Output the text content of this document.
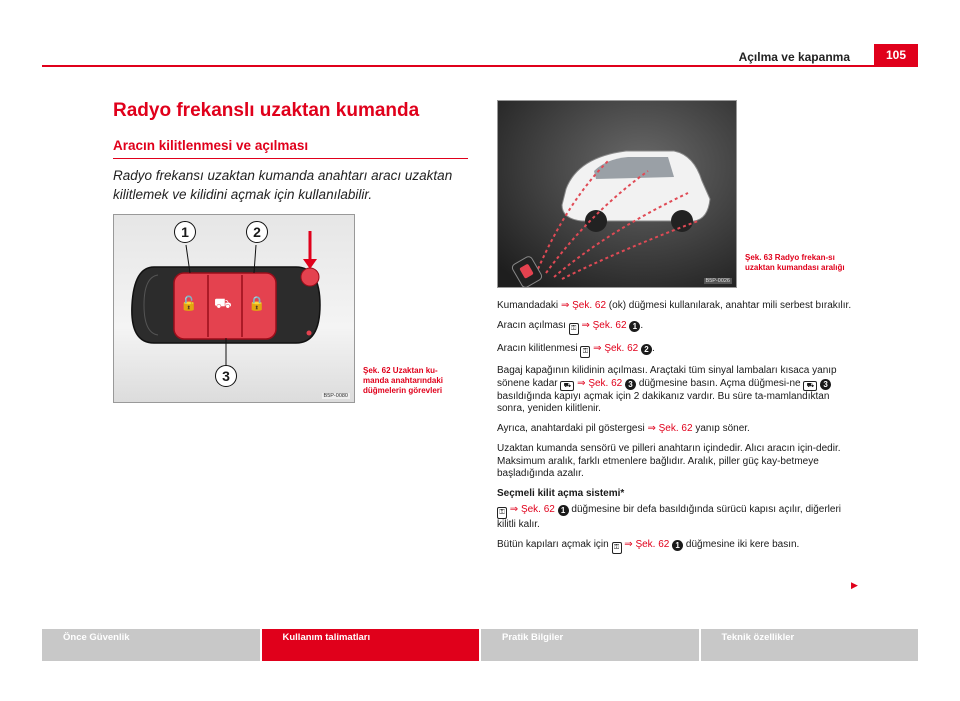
Açılma ve kapanma	105
Radyo frekanslı uzaktan kumanda
Aracın kilitlenmesi ve açılması
Radyo frekansı uzaktan kumanda anahtarı aracı uzaktan kilitlemek ve kilidini açmak için kullanılabilir.
1	2
3
🔓 ⛟ 🔒
B5P-0080
Şek. 62 Uzaktan ku-manda anahtarındaki düğmelerin görevleri
B5P-0026
Şek. 63 Radyo frekan-sı uzaktan kumandası aralığı

Kumandadaki ⇒ Şek. 62 (ok) düğmesi kullanılarak, anahtar mili serbest bırakılır.

Aracın açılması ⚿ ⇒ Şek. 62 1 .

Aracın kilitlenmesi ⚿ ⇒ Şek. 62 2 .

Bagaj kapağının kilidinin açılması. Araçtaki tüm sinyal lambaları kısaca yanıp sönene kadar ⛟ ⇒ Şek. 62 3 düğmesine basın. Açma düğmesi-ne ⛟ 3 basıldığında kapıyı açmak için 2 dakikanız vardır. Bu süre ta-mamlandıktan sonra, yeniden kilitlenir.

Ayrıca, anahtardaki pil göstergesi ⇒ Şek. 62 yanıp söner.

Uzaktan kumanda sensörü ve pilleri anahtarın içindedir. Alıcı aracın için-dedir. Maksimum aralık, farklı etmenlere bağlıdır. Aralık, piller güç kay-betmeye başladığında azalır.

Seçmeli kilit açma sistemi*

⚿ ⇒ Şek. 62 1 düğmesine bir defa basıldığında sürücü kapısı açılır, diğerleri kilitli kalır.

Bütün kapıları açmak için ⚿ ⇒ Şek. 62 1 düğmesine iki kere basın.

▶
Önce Güvenlik	Kullanım talimatları	Pratik Bilgiler	Teknik özellikler
